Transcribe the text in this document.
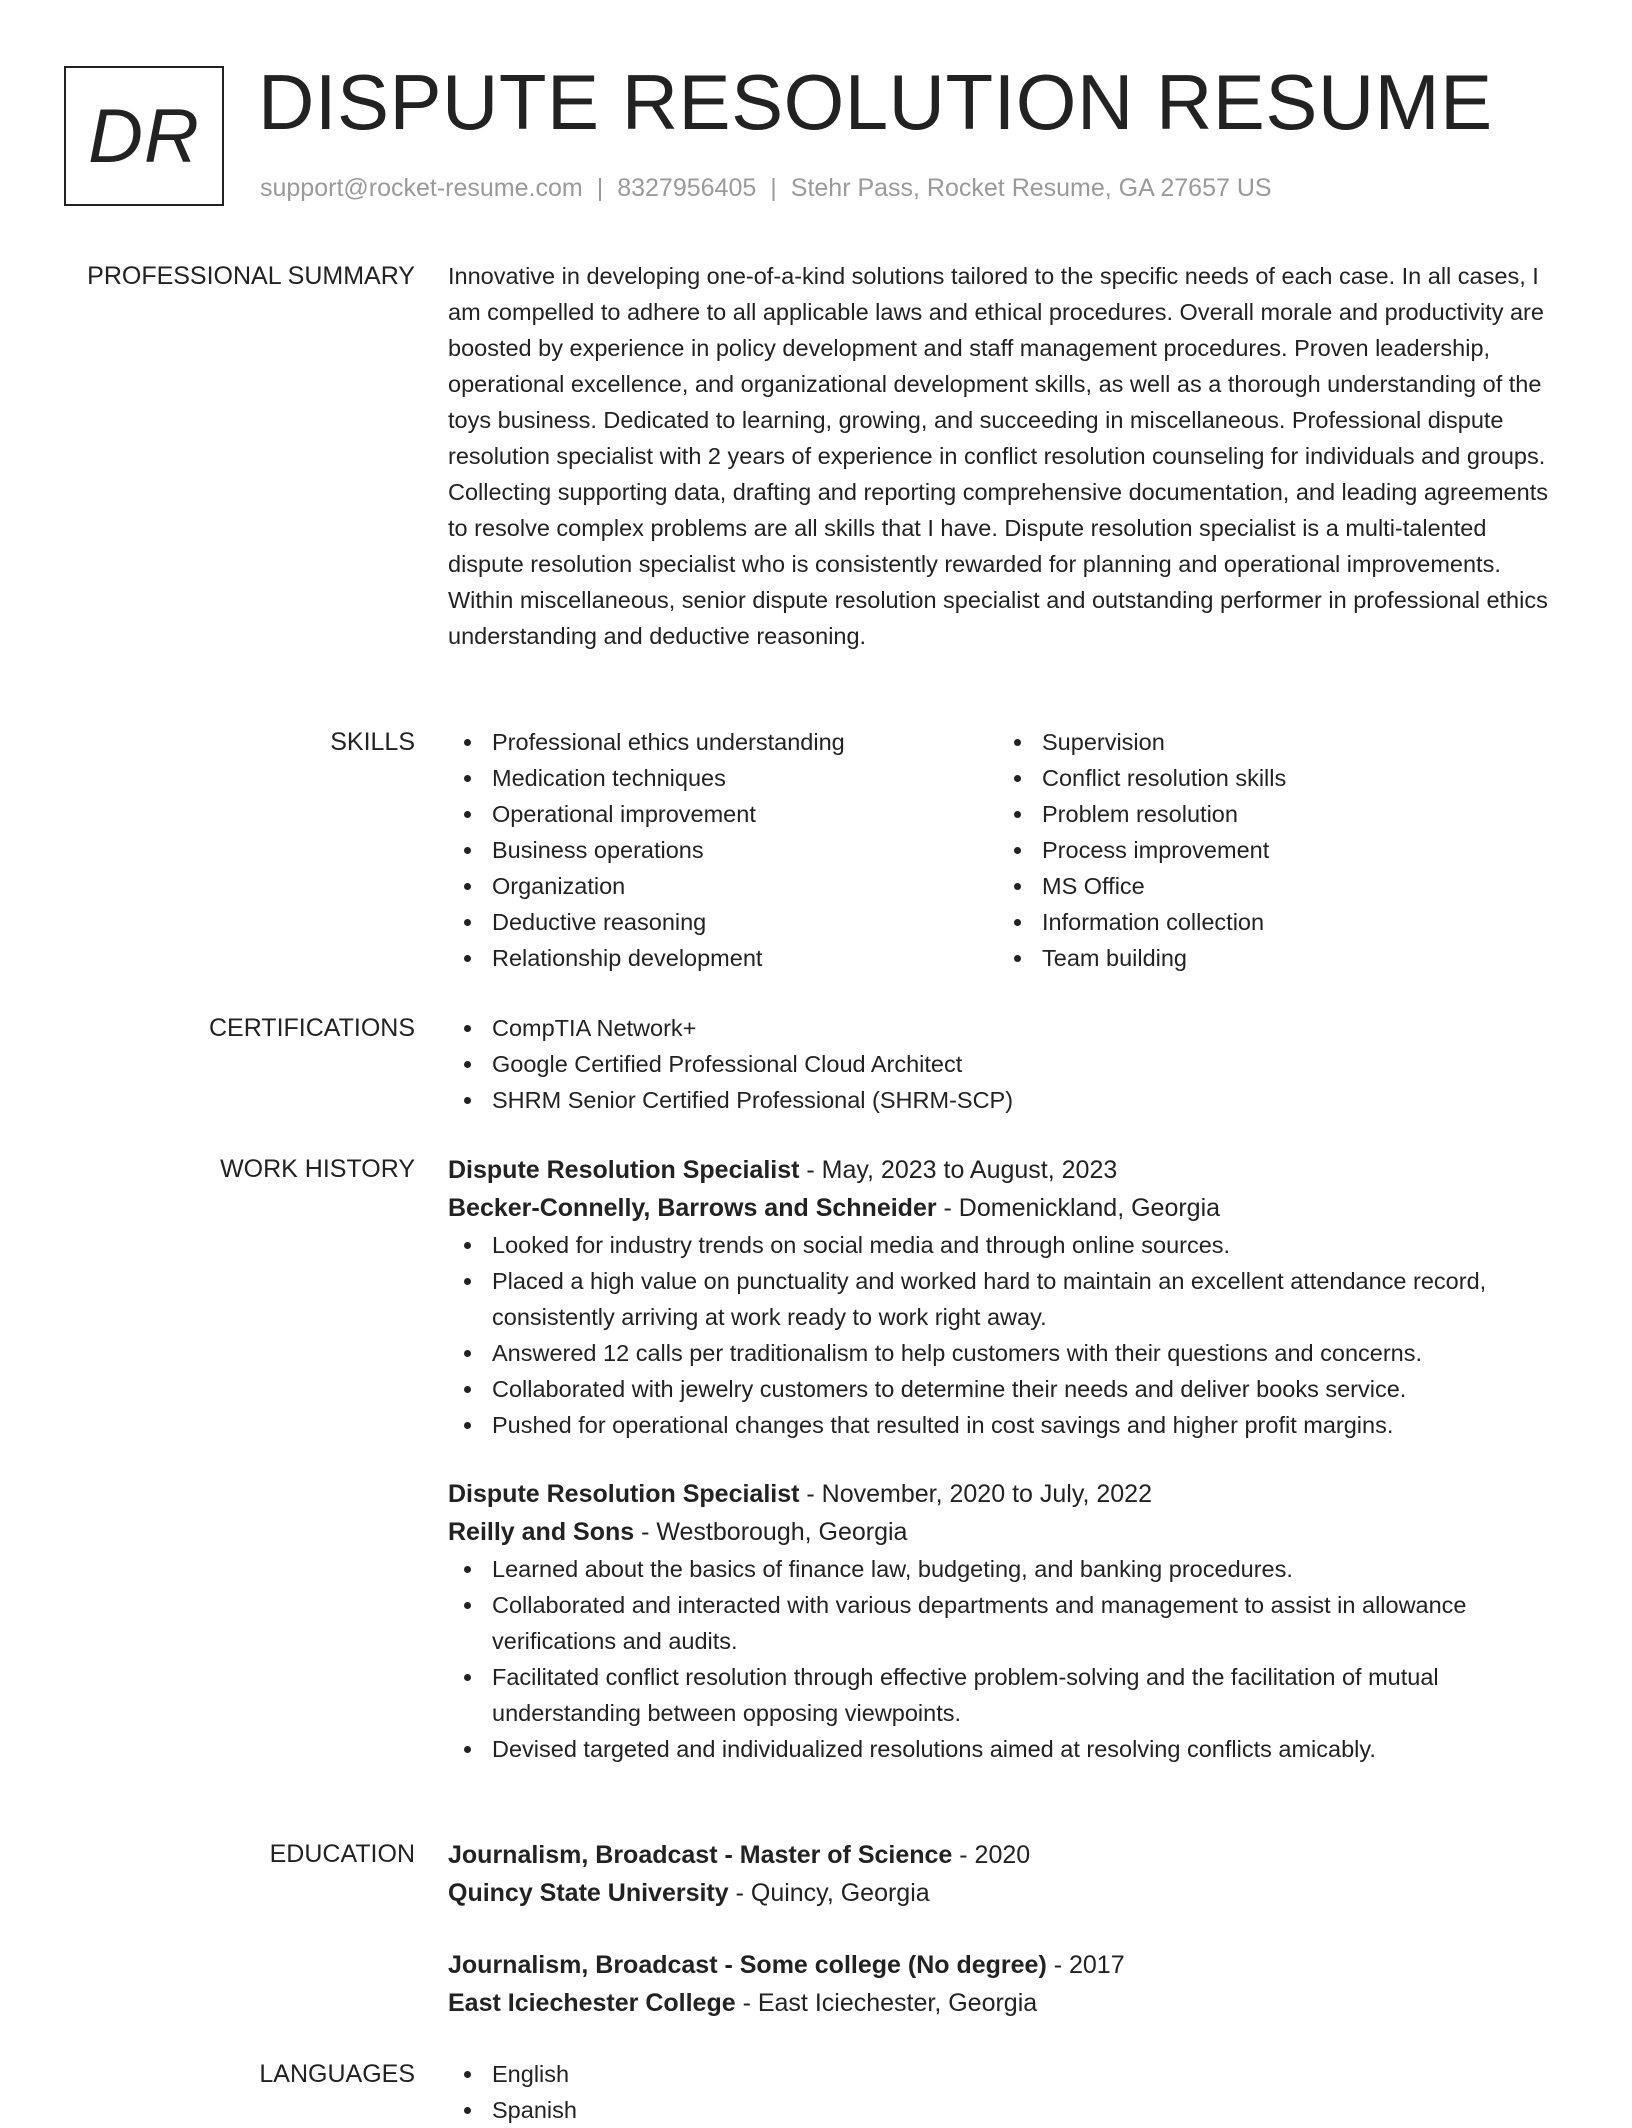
DR DISPUTE RESOLUTION RESUME
support@rocket-resume.com | 8327956405 | Stehr Pass, Rocket Resume, GA 27657 US
PROFESSIONAL SUMMARY Innovative in developing one-of-a-kind solutions tailored to the specific needs of each case. In all cases, I am compelled to adhere to all applicable laws and ethical procedures. Overall morale and productivity are boosted by experience in policy development and staff management procedures. Proven leadership, operational excellence, and organizational development skills, as well as a thorough understanding of the toys business. Dedicated to learning, growing, and succeeding in miscellaneous. Professional dispute resolution specialist with 2 years of experience in conflict resolution counseling for individuals and groups. Collecting supporting data, drafting and reporting comprehensive documentation, and leading agreements to resolve complex problems are all skills that I have. Dispute resolution specialist is a multi-talented dispute resolution specialist who is consistently rewarded for planning and operational improvements. Within miscellaneous, senior dispute resolution specialist and outstanding performer in professional ethics understanding and deductive reasoning.

SKILLS	Professional ethics understanding
Medication techniques
Operational improvement
Business operations
Organization
Deductive reasoning
Relationship development
Supervision
Conflict resolution skills
Problem resolution
Process improvement
MS Office
Information collection
Team building
CERTIFICATIONS	CompTIA Network+
Google Certified Professional Cloud Architect
SHRM Senior Certified Professional (SHRM-SCP)
WORK HISTORY Dispute Resolution Specialist - May, 2023 to August, 2023
Becker-Connelly, Barrows and Schneider - Domenickland, Georgia
Looked for industry trends on social media and through online sources.
Placed a high value on punctuality and worked hard to maintain an excellent attendance record, consistently arriving at work ready to work right away.
Answered 12 calls per traditionalism to help customers with their questions and concerns.
Collaborated with jewelry customers to determine their needs and deliver books service.
Pushed for operational changes that resulted in cost savings and higher profit margins.
Dispute Resolution Specialist - November, 2020 to July, 2022
Reilly and Sons - Westborough, Georgia
Learned about the basics of finance law, budgeting, and banking procedures.
Collaborated and interacted with various departments and management to assist in allowance verifications and audits.
Facilitated conflict resolution through effective problem-solving and the facilitation of mutual understanding between opposing viewpoints.
Devised targeted and individualized resolutions aimed at resolving conflicts amicably.
EDUCATION Journalism, Broadcast - Master of Science - 2020
Quincy State University - Quincy, Georgia
Journalism, Broadcast - Some college (No degree) - 2017
East Iciechester College - East Iciechester, Georgia
LANGUAGES	English
Spanish
